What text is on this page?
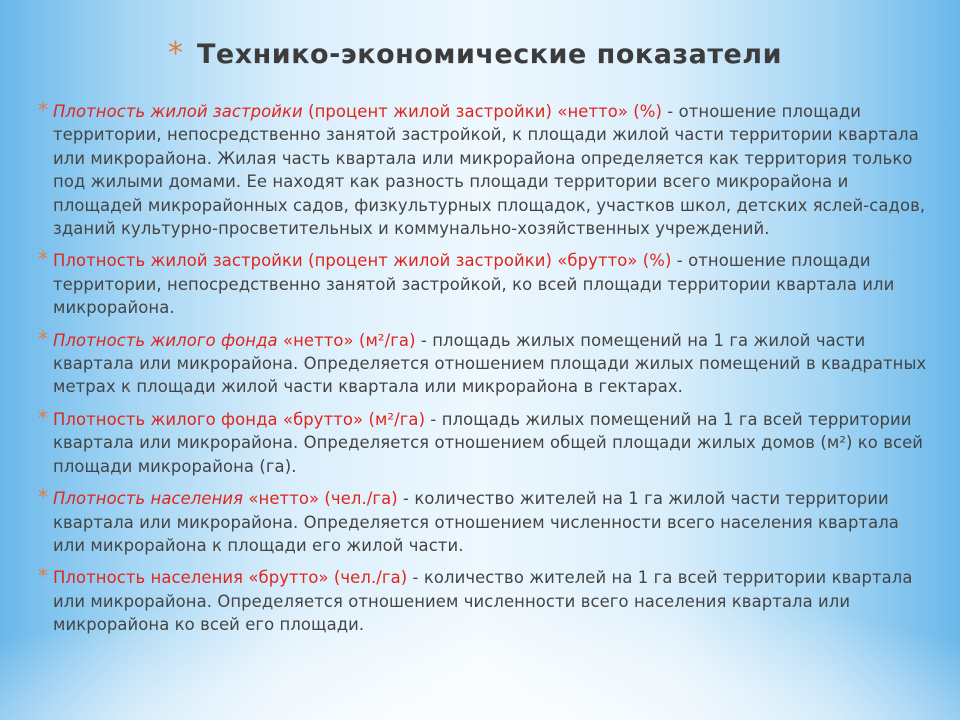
* Технико-экономические показатели
* Плотность жилой застройки (процент жилой застройки) «нетто» (%) - отношение площади территории, непосредственно занятой застройкой, к площади жилой части территории квартала или микрорайона. Жилая часть квартала или микрорайона определяется как территория только под жилыми домами. Ее находят как разность площади территории всего микрорайона и площадей микрорайонных садов, физкультурных площадок, участков школ, детских яслей-садов, зданий культурно-просветительных и коммунально-хозяйственных учреждений.
* Плотность жилой застройки (процент жилой застройки) «брутто» (%) - отношение площади территории, непосредственно занятой застройкой, ко всей площади территории квартала или микрорайона.
* Плотность жилого фонда «нетто» (м²/га) - площадь жилых помещений на 1 га жилой части квартала или микрорайона. Определяется отношением площади жилых помещений в квадратных метрах к площади жилой части квартала или микрорайона в гектарах.
* Плотность жилого фонда «брутто» (м²/га) - площадь жилых помещений на 1 га всей территории квартала или микрорайона. Определяется отношением общей площади жилых домов (м²) ко всей площади микрорайона (га).
* Плотность населения «нетто» (чел./га) - количество жителей на 1 га жилой части территории квартала или микрорайона. Определяется отношением численности всего населения квартала или микрорайона к площади его жилой части.
* Плотность населения «брутто» (чел./га) - количество жителей на 1 га всей территории квартала или микрорайона. Определяется отношением численности всего населения квартала или микрорайона ко всей его площади.
